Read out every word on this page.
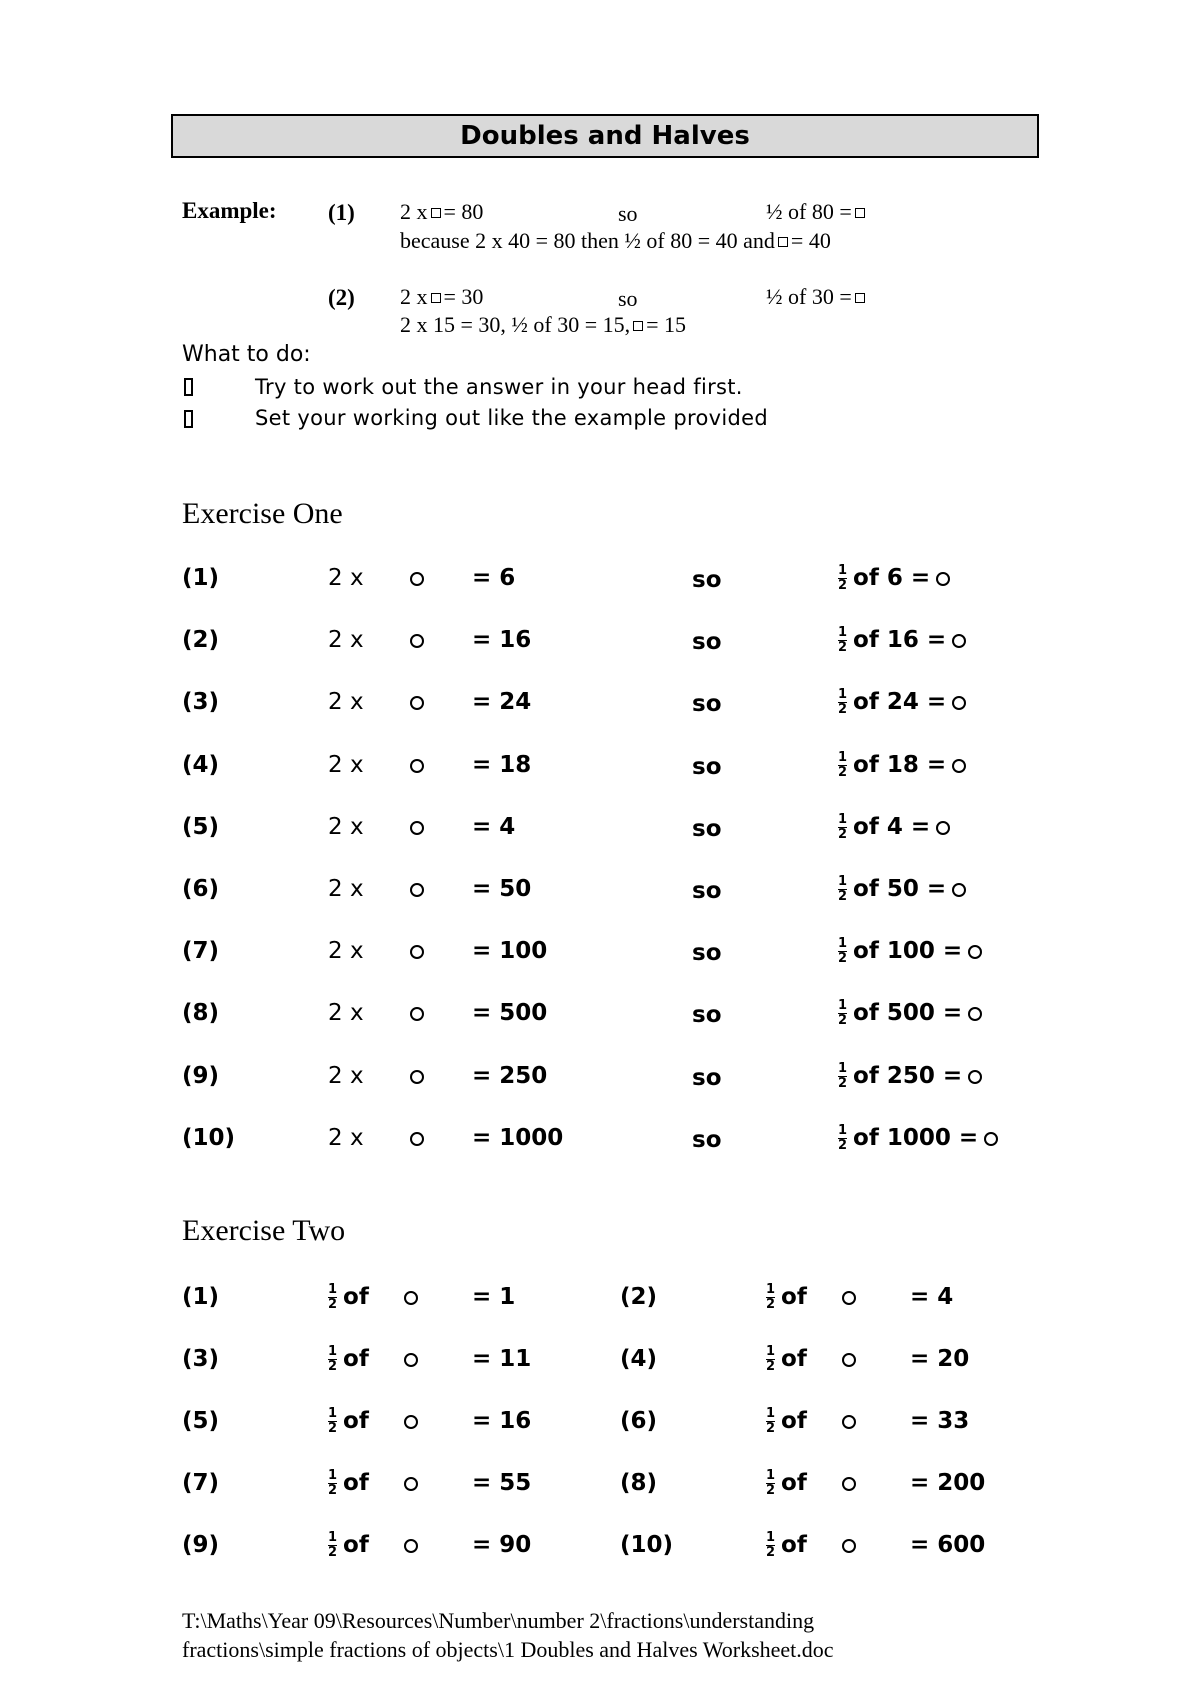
Doubles and Halves
Example: (1) 2 x = 80	so	½ of 80 =
because 2 x 40 = 80 then ½ of 80 = 40 and = 40
(2) 2 x = 30	so	½ of 30 =
2 x 15 = 30, ½ of 30 = 15, = 15
What to do:
Try to work out the answer in your head first.
Set your working out like the example provided
Exercise One
(1)	2 x	= 6	so	$\frac{1}{2}$ of 6 =
(2)	2 x	= 16	so	$\frac{1}{2}$ of 16 =
(3)	2 x	= 24	so	$\frac{1}{2}$ of 24 =
(4)	2 x	= 18	so	$\frac{1}{2}$ of 18 =
(5)	2 x	= 4	so	$\frac{1}{2}$ of 4 =
(6)	2 x	= 50	so	$\frac{1}{2}$ of 50 =
(7)	2 x	= 100	so	$\frac{1}{2}$ of 100 =
(8)	2 x	= 500	so	$\frac{1}{2}$ of 500 =
(9)	2 x	= 250	so	$\frac{1}{2}$ of 250 =
(10)	2 x	= 1000	so	$\frac{1}{2}$ of 1000 =
Exercise Two
(1)	$\frac{1}{2}$ of	= 1	(2)	$\frac{1}{2}$ of	= 4
(3)	$\frac{1}{2}$ of	= 11	(4)	$\frac{1}{2}$ of	= 20
(5)	$\frac{1}{2}$ of	= 16	(6)	$\frac{1}{2}$ of	= 33
(7)	$\frac{1}{2}$ of	= 55	(8)	$\frac{1}{2}$ of	= 200
(9)	$\frac{1}{2}$ of	= 90	(10)	$\frac{1}{2}$ of	= 600
T:\Maths\Year 09\Resources\Number\number 2\fractions\understanding
fractions\simple fractions of objects\1 Doubles and Halves Worksheet.doc
